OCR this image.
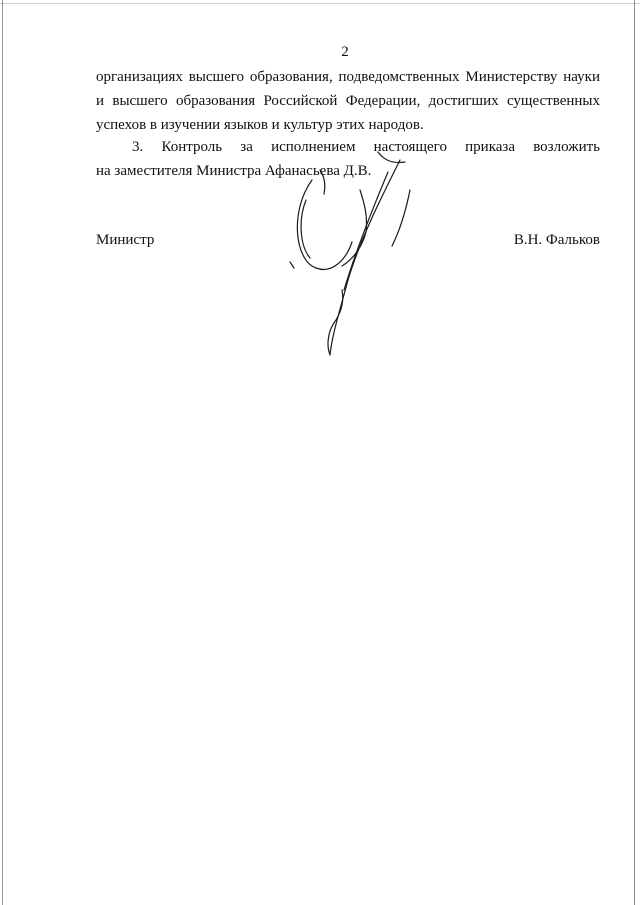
2
организациях высшего образования, подведомственных Министерству науки
и высшего образования Российской Федерации, достигших существенных
успехов в изучении языков и культур этих народов.
3. Контроль за исполнением настоящего приказа возложить
на заместителя Министра Афанасьева Д.В.
Министр	В.Н. Фальков
